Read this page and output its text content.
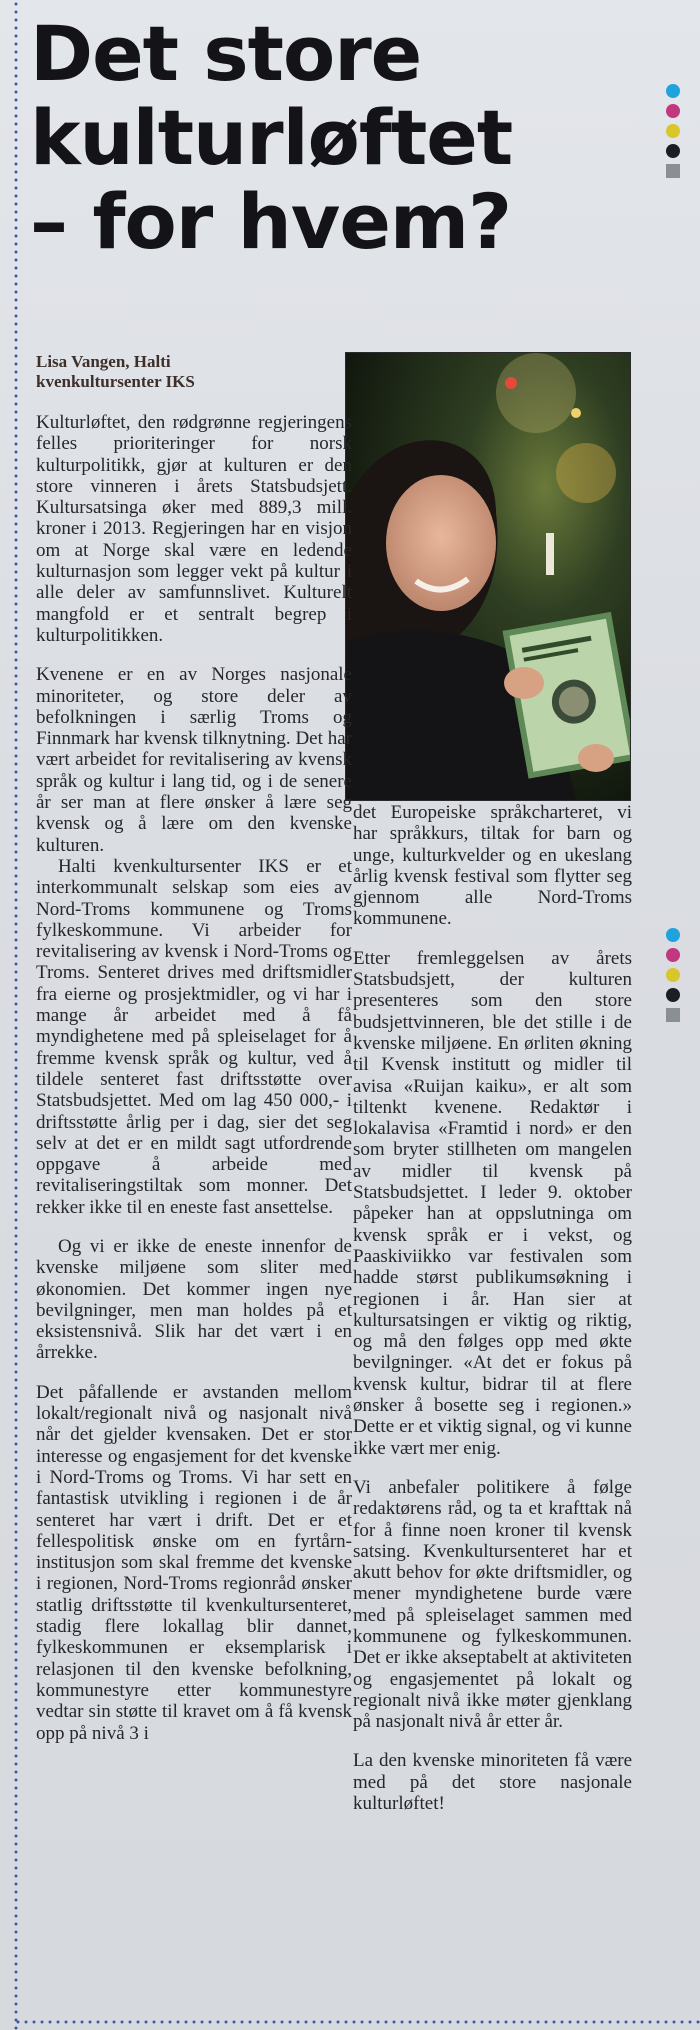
Det store
kulturløftet
– for hvem?
Lisa Vangen, Halti
kvenkultursenter IKS

Kulturløftet, den rødgrønne regjeringens felles prioriteringer for norsk kulturpolitikk, gjør at kulturen er den store vinneren i årets Statsbudsjett. Kultursatsinga øker med 889,3 mill. kroner i 2013. Regjeringen har en visjon om at Norge skal være en ledende kulturnasjon som legger vekt på kultur i alle deler av samfunnslivet. Kulturelt mangfold er et sentralt begrep i kulturpolitikken.

Kvenene er en av Norges nasjonale minoriteter, og store deler av befolkningen i særlig Troms og Finnmark har kvensk tilknytning. Det har vært arbeidet for revitalisering av kvensk språk og kultur i lang tid, og i de senere år ser man at flere ønsker å lære seg kvensk og å lære om den kvenske kulturen.

Halti kvenkultursenter IKS er et interkommunalt selskap som eies av Nord-Troms kommunene og Troms fylkeskommune. Vi arbeider for revitalisering av kvensk i Nord-Troms og Troms. Senteret drives med driftsmidler fra eierne og prosjektmidler, og vi har i mange år arbeidet med å få myndighetene med på spleiselaget for å fremme kvensk språk og kultur, ved å tildele senteret fast driftsstøtte over Statsbudsjettet. Med om lag 450 000,- i driftsstøtte årlig per i dag, sier det seg selv at det er en mildt sagt utfordrende oppgave å arbeide med revitaliseringstiltak som monner. Det rekker ikke til en eneste fast ansettelse.

Og vi er ikke de eneste innenfor de kvenske miljøene som sliter med økonomien. Det kommer ingen nye bevilgninger, men man holdes på et eksistensnivå. Slik har det vært i en årrekke.

Det påfallende er avstanden mellom lokalt/regionalt nivå og nasjonalt nivå når det gjelder kvensaken. Det er stor interesse og engasjement for det kvenske i Nord-Troms og Troms. Vi har sett en fantastisk utvikling i regionen i de år senteret har vært i drift. Det er et fellespolitisk ønske om en fyrtårn-institusjon som skal fremme det kvenske i regionen, Nord-Troms regionråd ønsker statlig driftsstøtte til kvenkultursenteret, stadig flere lokallag blir dannet, fylkeskommunen er eksemplarisk i relasjonen til den kvenske befolkning, kommunestyre etter kommunestyre vedtar sin støtte til kravet om å få kvensk opp på nivå 3 i

det Europeiske språkcharteret, vi har språkkurs, tiltak for barn og unge, kulturkvelder og en ukeslang årlig kvensk festival som flytter seg gjennom alle Nord-Troms kommunene.

Etter fremleggelsen av årets Statsbudsjett, der kulturen presenteres som den store budsjettvinneren, ble det stille i de kvenske miljøene. En ørliten økning til Kvensk institutt og midler til avisa «Ruijan kaiku», er alt som tiltenkt kvenene. Redaktør i lokalavisa «Framtid i nord» er den som bryter stillheten om mangelen av midler til kvensk på Statsbudsjettet. I leder 9. oktober påpeker han at oppslutninga om kvensk språk er i vekst, og Paaskiviikko var festivalen som hadde størst publikumsøkning i regionen i år. Han sier at kultursatsingen er viktig og riktig, og må den følges opp med økte bevilgninger. «At det er fokus på kvensk kultur, bidrar til at flere ønsker å bosette seg i regionen.» Dette er et viktig signal, og vi kunne ikke vært mer enig.

Vi anbefaler politikere å følge redaktørens råd, og ta et krafttak nå for å finne noen kroner til kvensk satsing. Kvenkultursenteret har et akutt behov for økte driftsmidler, og mener myndighetene burde være med på spleiselaget sammen med kommunene og fylkeskommunen. Det er ikke akseptabelt at aktiviteten og engasjementet på lokalt og regionalt nivå ikke møter gjenklang på nasjonalt nivå år etter år.

La den kvenske minoriteten få være med på det store nasjonale kulturløftet!
